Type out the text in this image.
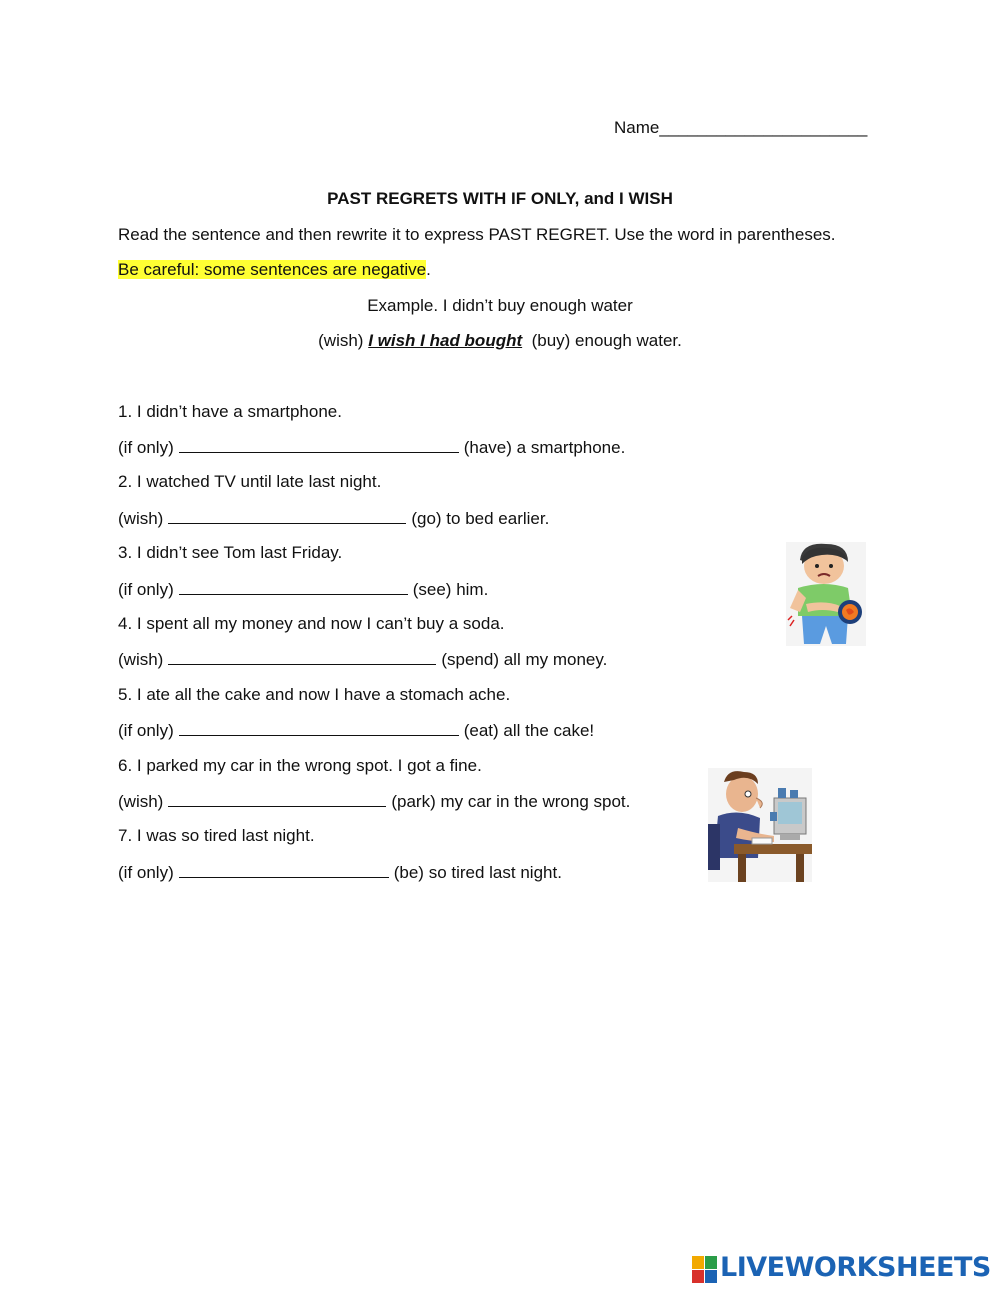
Name______________________
PAST REGRETS WITH IF ONLY, and I WISH
Read the sentence and then rewrite it to express PAST REGRET. Use the word in parentheses.
Be careful: some sentences are negative.
Example. I didn’t buy enough water
(wish) I wish I had bought (buy) enough water.
1. I didn’t have a smartphone.
(if only)	(have) a smartphone.
2. I watched TV until late last night.
(wish)	(go) to bed earlier.
3. I didn’t see Tom last Friday.
(if only)	(see) him.
4. I spent all my money and now I can’t buy a soda.
(wish)	(spend) all my money.
5. I ate all the cake and now I have a stomach ache.
(if only)	(eat) all the cake!
6. I parked my car in the wrong spot. I got a fine.
(wish)	(park) my car in the wrong spot.
7. I was so tired last night.
(if only)	(be) so tired last night.
LIVEWORKSHEETS
